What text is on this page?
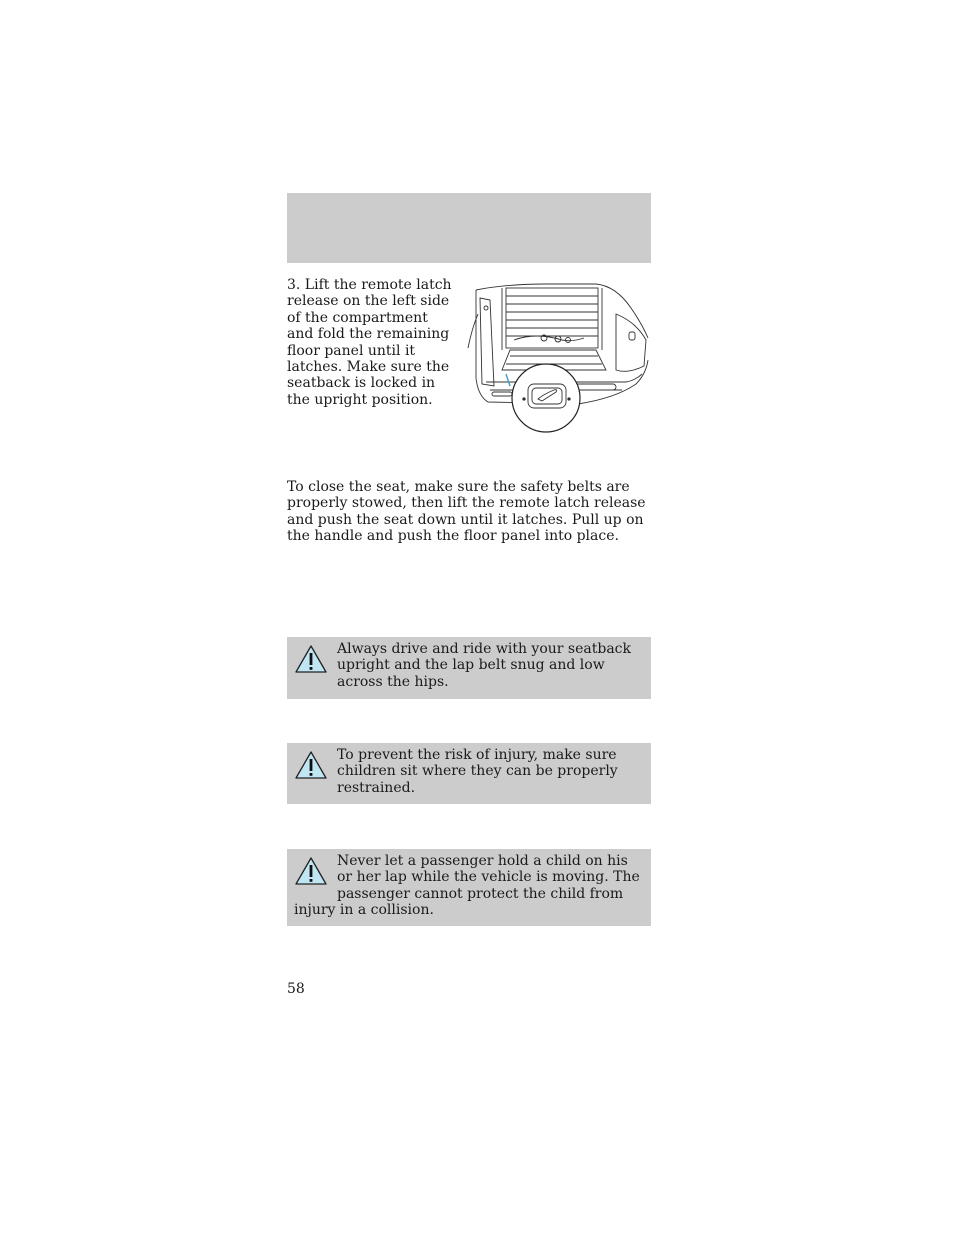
3. Lift the remote latch release on the left side of the compartment and fold the remaining floor panel until it latches. Make sure the seatback is locked in the upright position.

To close the seat, make sure the safety belts are properly stowed, then lift the remote latch release and push the seat down until it latches. Pull up on the handle and push the floor panel into place.

Always drive and ride with your seatback upright and the lap belt snug and low across the hips.

To prevent the risk of injury, make sure children sit where they can be properly restrained.

Never let a passenger hold a child on his or her lap while the vehicle is moving. The passenger cannot protect the child from injury in a collision.

58
